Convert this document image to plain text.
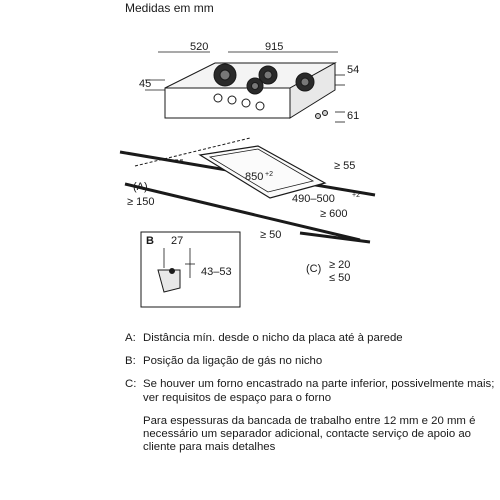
Medidas em mm
520	915
45
54
61
850 +2
≥ 55
490–500 +2
≥ 600
≥ 50
(A)
≥ 150
B 27
43–53	(C) ≥ 20
≤ 50
A: Distância mín. desde o nicho da placa até à parede
B: Posição da ligação de gás no nicho
C: Se houver um forno encastrado na parte inferior, possivelmente mais; ver requisitos de espaço para o forno
Para espessuras da bancada de trabalho entre 12 mm e 20 mm é necessário um separador adicional, contacte serviço de apoio ao cliente para mais detalhes
